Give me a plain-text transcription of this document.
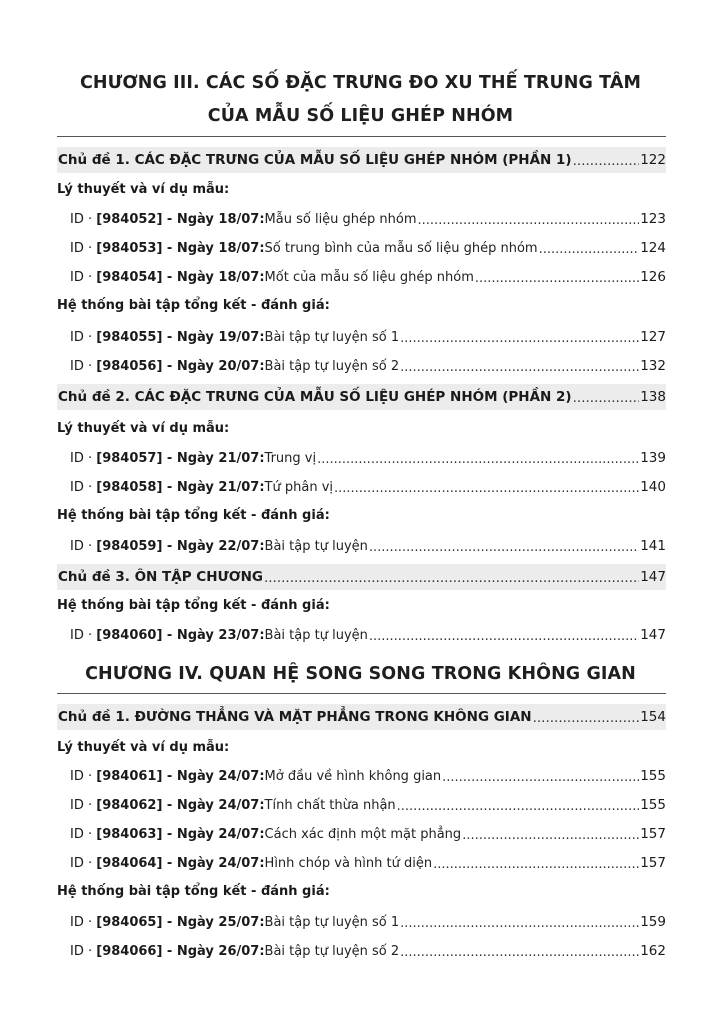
CHƯƠNG III. CÁC SỐ ĐẶC TRƯNG ĐO XU THẾ TRUNG TÂM
CỦA MẪU SỐ LIỆU GHÉP NHÓM
Chủ đề 1. CÁC ĐẶC TRƯNG CỦA MẪU SỐ LIỆU GHÉP NHÓM (PHẦN 1) .....	122
Lý thuyết và ví dụ mẫu:
ID · [984052] - Ngày 18/07: Mẫu số liệu ghép nhóm .....	123
ID · [984053] - Ngày 18/07: Số trung bình của mẫu số liệu ghép nhóm .....	124
ID · [984054] - Ngày 18/07: Mốt của mẫu số liệu ghép nhóm .....	126
Hệ thống bài tập tổng kết - đánh giá:
ID · [984055] - Ngày 19/07: Bài tập tự luyện số 1 .....	127
ID · [984056] - Ngày 20/07: Bài tập tự luyện số 2 .....	132
Chủ đề 2. CÁC ĐẶC TRƯNG CỦA MẪU SỐ LIỆU GHÉP NHÓM (PHẦN 2) .....	138
Lý thuyết và ví dụ mẫu:
ID · [984057] - Ngày 21/07: Trung vị .....	139
ID · [984058] - Ngày 21/07: Tứ phân vị .....	140
Hệ thống bài tập tổng kết - đánh giá:
ID · [984059] - Ngày 22/07: Bài tập tự luyện .....	141
Chủ đề 3. ÔN TẬP CHƯƠNG .....	147
Hệ thống bài tập tổng kết - đánh giá:
ID · [984060] - Ngày 23/07: Bài tập tự luyện .....	147
CHƯƠNG IV. QUAN HỆ SONG SONG TRONG KHÔNG GIAN
Chủ đề 1. ĐƯỜNG THẲNG VÀ MẶT PHẲNG TRONG KHÔNG GIAN .....	154
Lý thuyết và ví dụ mẫu:
ID · [984061] - Ngày 24/07: Mở đầu về hình không gian .....	155
ID · [984062] - Ngày 24/07: Tính chất thừa nhận .....	155
ID · [984063] - Ngày 24/07: Cách xác định một mặt phẳng .....	157
ID · [984064] - Ngày 24/07: Hình chóp và hình tứ diện .....	157
Hệ thống bài tập tổng kết - đánh giá:
ID · [984065] - Ngày 25/07: Bài tập tự luyện số 1 .....	159
ID · [984066] - Ngày 26/07: Bài tập tự luyện số 2 .....	162
